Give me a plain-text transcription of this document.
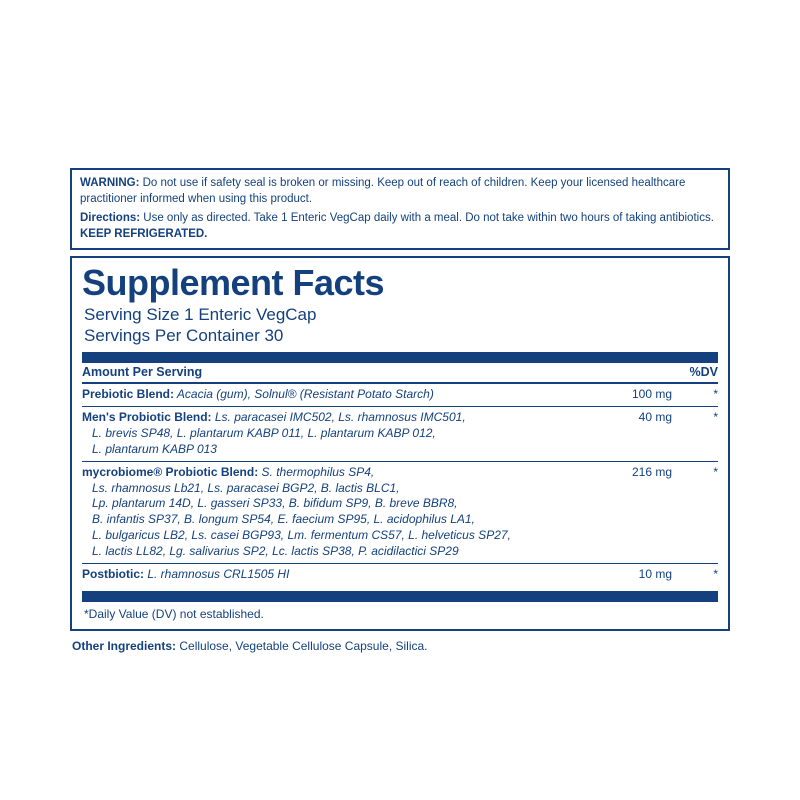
WARNING: Do not use if safety seal is broken or missing. Keep out of reach of children. Keep your licensed healthcare practitioner informed when using this product.

Directions: Use only as directed. Take 1 Enteric VegCap daily with a meal. Do not take within two hours of taking antibiotics. KEEP REFRIGERATED.

Supplement Facts
Serving Size 1 Enteric VegCap
Servings Per Container 30
Amount Per Serving	%DV
Prebiotic Blend: Acacia (gum), Solnul® (Resistant Potato Starch)	100 mg	*
Men's Probiotic Blend: Ls. paracasei IMC502, Ls. rhamnosus IMC501,
L. brevis SP48, L. plantarum KABP 011, L. plantarum KABP 012,
L. plantarum KABP 013
40 mg	*
mycrobiome® Probiotic Blend: S. thermophilus SP4,
Ls. rhamnosus Lb21, Ls. paracasei BGP2, B. lactis BLC1,
Lp. plantarum 14D, L. gasseri SP33, B. bifidum SP9, B. breve BBR8,
B. infantis SP37, B. longum SP54, E. faecium SP95, L. acidophilus LA1,
L. bulgaricus LB2, Ls. casei BGP93, Lm. fermentum CS57, L. helveticus SP27,
L. lactis LL82, Lg. salivarius SP2, Lc. lactis SP38, P. acidilactici SP29
216 mg	*
Postbiotic: L. rhamnosus CRL1505 HI	10 mg	*
*Daily Value (DV) not established.
Other Ingredients: Cellulose, Vegetable Cellulose Capsule, Silica.
